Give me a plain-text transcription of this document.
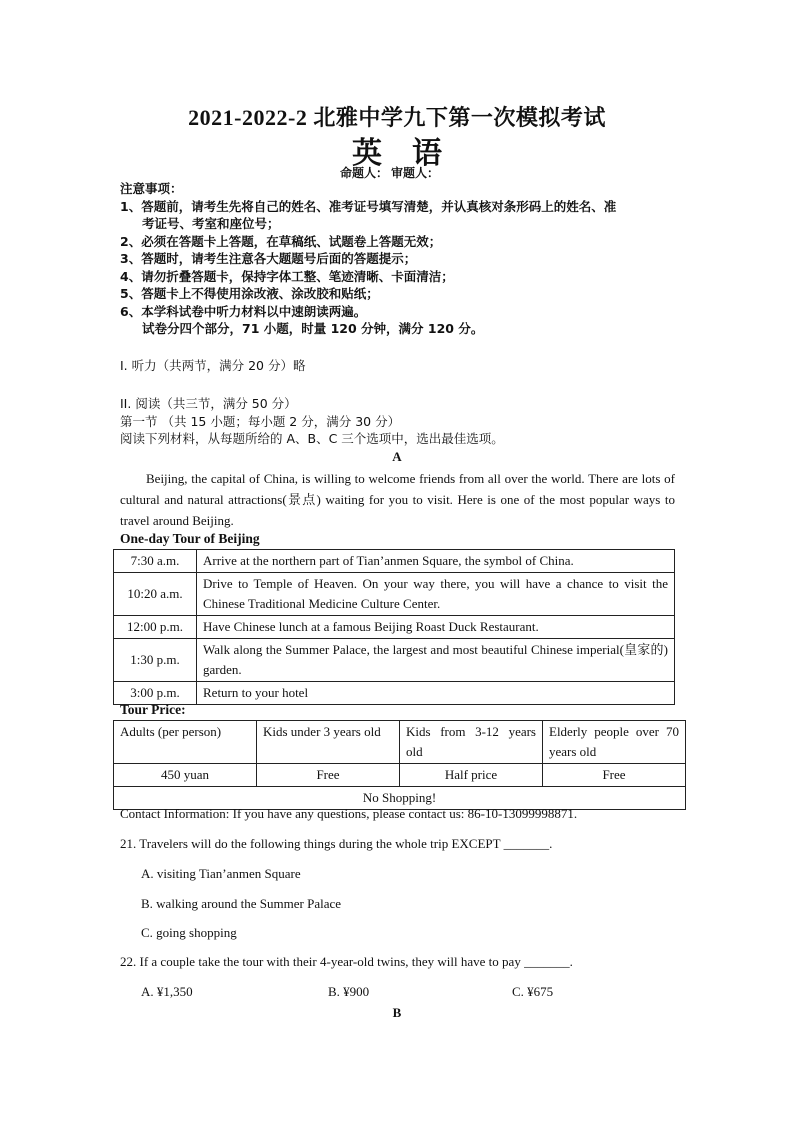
2021-2022-2 北雅中学九下第一次模拟考试
英语
命题人： 审题人：
注意事项：
1、答题前，请考生先将自己的姓名、准考证号填写清楚，并认真核对条形码上的姓名、准
考证号、考室和座位号；
2、必须在答题卡上答题，在草稿纸、试题卷上答题无效；
3、答题时，请考生注意各大题题号后面的答题提示；
4、请勿折叠答题卡，保持字体工整、笔迹清晰、卡面清洁；
5、答题卡上不得使用涂改液、涂改胶和贴纸；
6、本学科试卷中听力材料以中速朗读两遍。
试卷分四个部分，71 小题，时量 120 分钟，满分 120 分。
I. 听力（共两节，满分 20 分）略
II. 阅读（共三节，满分 50 分）
第一节 （共 15 小题；每小题 2 分，满分 30 分）
阅读下列材料，从每题所给的 A、B、C 三个选项中，选出最佳选项。
A
Beijing, the capital of China, is willing to welcome friends from all over the world. There are lots of cultural and natural attractions(景点) waiting for you to visit. Here is one of the most popular ways to travel around Beijing.
One-day Tour of Beijing
7:30 a.m.	Arrive at the northern part of Tian’anmen Square, the symbol of China.
10:20 a.m.	Drive to Temple of Heaven. On your way there, you will have a chance to visit the Chinese Traditional Medicine Culture Center.
12:00 p.m.	Have Chinese lunch at a famous Beijing Roast Duck Restaurant.
1:30 p.m.	Walk along the Summer Palace, the largest and most beautiful Chinese imperial(皇家的) garden.
3:00 p.m.	Return to your hotel
Tour Price:
Adults (per person)	Kids under 3 years old	Kids from 3-12 years old	Elderly people over 70 years old
450 yuan	Free	Half price	Free
No Shopping!			
Contact Information: If you have any questions, please contact us: 86-10-13099998871.
21. Travelers will do the following things during the whole trip EXCEPT _______.
A. visiting Tian’anmen Square
B. walking around the Summer Palace
C. going shopping
22. If a couple take the tour with their 4-year-old twins, they will have to pay _______.
A. ¥1,350	B. ¥900	C. ¥675
B
